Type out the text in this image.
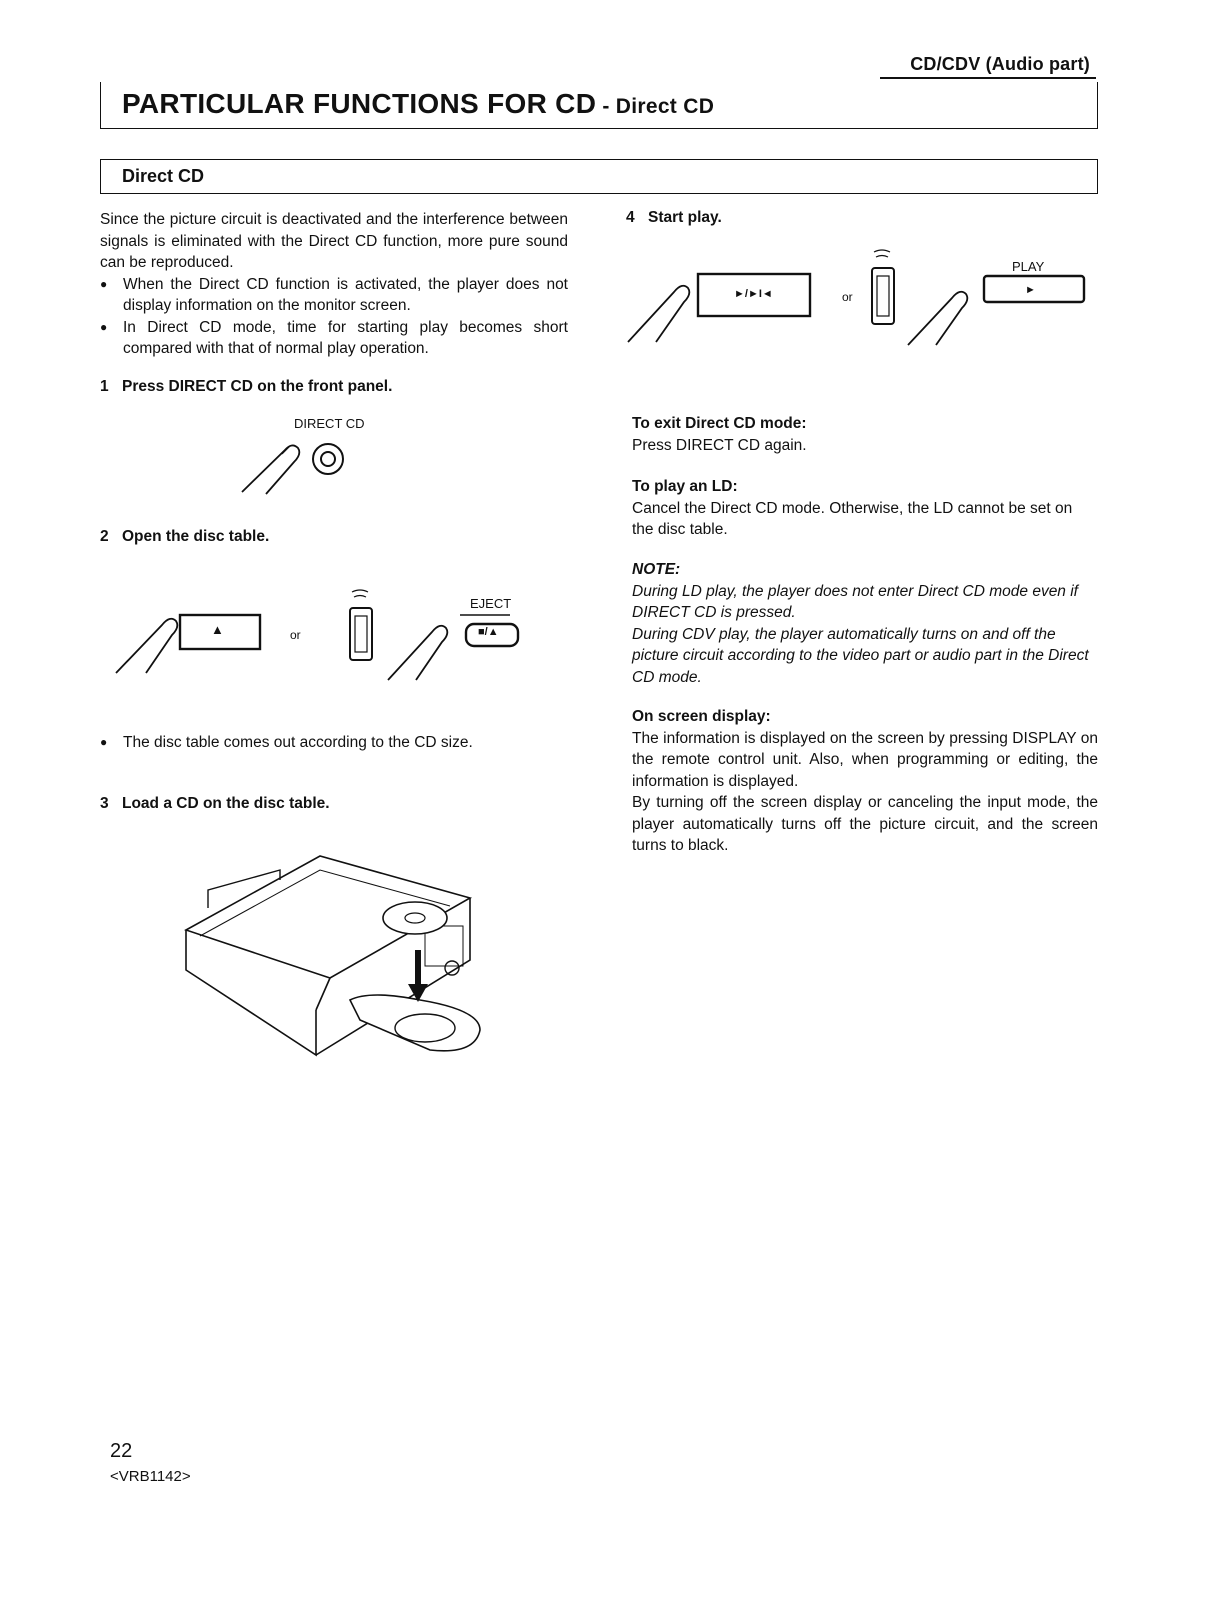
CD/CDV (Audio part)
PARTICULAR FUNCTIONS FOR CD - Direct CD
Direct CD

Since the picture circuit is deactivated and the interference between signals is eliminated with the Direct CD function, more pure sound can be reproduced.

● When the Direct CD function is activated, the player does not display information on the monitor screen.

● In Direct CD mode, time for starting play becomes short compared with that of normal play operation.

1 Press DIRECT CD on the front panel.
DIRECT CD
2 Open the disc table.
▲	or
EJECT
■/▲

● The disc table comes out according to the CD size.

3 Load a CD on the disc table.
4 Start play.
►/►I◄	or
PLAY
►

To exit Direct CD mode:

Press DIRECT CD again.

To play an LD:

Cancel the Direct CD mode. Otherwise, the LD cannot be set on the disc table.

NOTE:

During LD play, the player does not enter Direct CD mode even if DIRECT CD is pressed.

During CDV play, the player automatically turns on and off the picture circuit according to the video part or audio part in the Direct CD mode.

On screen display:

The information is displayed on the screen by pressing DISPLAY on the remote control unit. Also, when programming or editing, the information is displayed.

By turning off the screen display or canceling the input mode, the player automatically turns off the picture circuit, and the screen turns to black.

22
<VRB1142>
